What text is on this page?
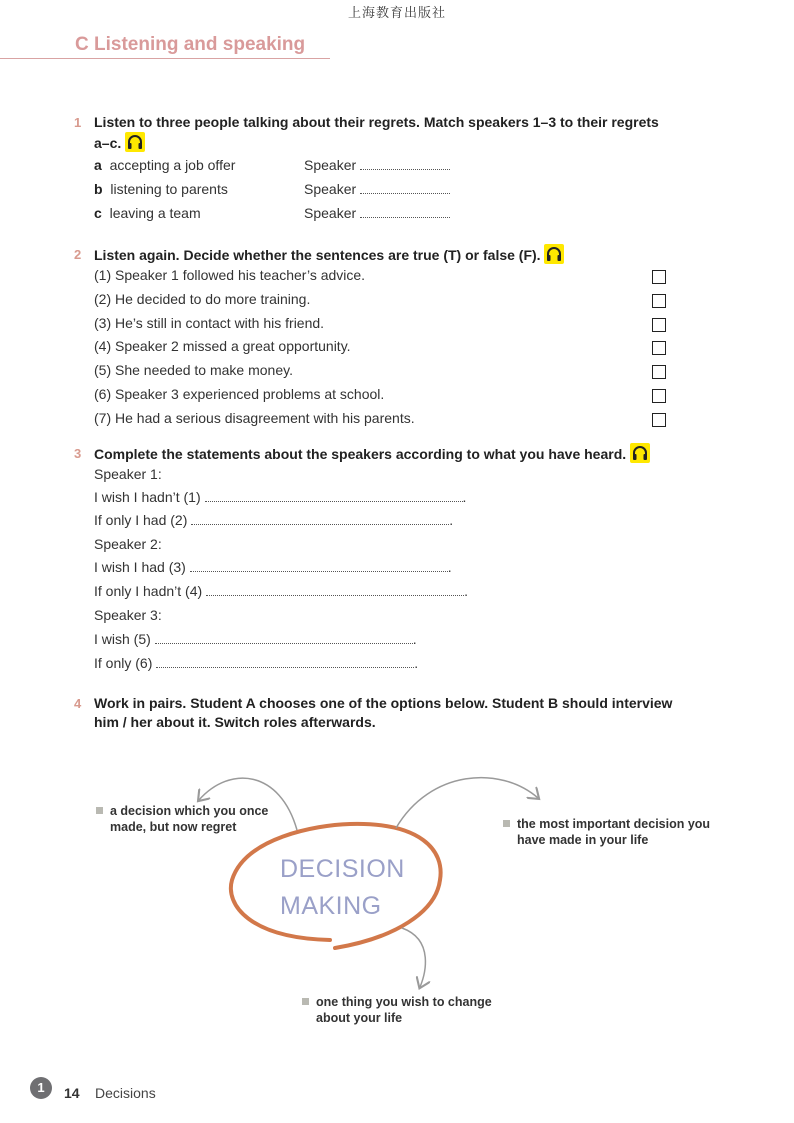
上海教育出版社
C Listening and speaking
1 Listen to three people talking about their regrets. Match speakers 1–3 to their regrets
a–c.
a accepting a job offer	Speaker
b listening to parents	Speaker
c leaving a team	Speaker
2 Listen again. Decide whether the sentences are true (T) or false (F).
(1) Speaker 1 followed his teacher’s advice.
(2) He decided to do more training.
(3) He’s still in contact with his friend.
(4) Speaker 2 missed a great opportunity.
(5) She needed to make money.
(6) Speaker 3 experienced problems at school.
(7) He had a serious disagreement with his parents.
3 Complete the statements about the speakers according to what you have heard.
Speaker 1:
I wish I hadn’t (1)	.
If only I had (2)	.
Speaker 2:
I wish I had (3)	.
If only I hadn’t (4)	.
Speaker 3:
I wish (5)	.
If only (6)	.
4 Work in pairs. Student A chooses one of the options below. Student B should interview
him / her about it. Switch roles afterwards.
DECISION
MAKING
a decision which you once
made, but now regret	the most important decision you
have made in your life
one thing you wish to change
about your life
1	14 Decisions
